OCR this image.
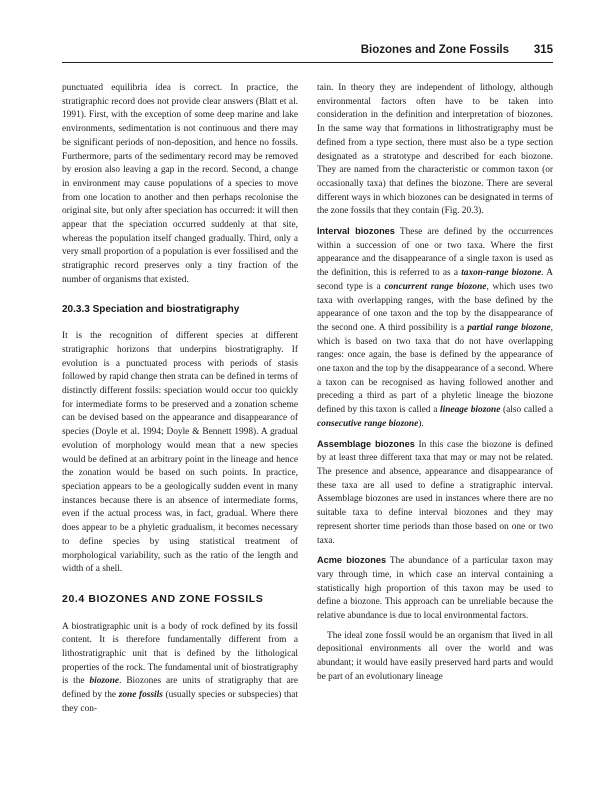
Biozones and Zone Fossils 315

punctuated equilibria idea is correct. In practice, the stratigraphic record does not provide clear answers (Blatt et al. 1991). First, with the exception of some deep marine and lake environments, sedimentation is not continuous and there may be significant periods of non-deposition, and hence no fossils. Furthermore, parts of the sedimentary record may be removed by erosion also leaving a gap in the record. Second, a change in environment may cause populations of a species to move from one location to another and then perhaps recolonise the original site, but only after speciation has occurred: it will then appear that the speciation occurred suddenly at that site, whereas the population itself changed gradually. Third, only a very small proportion of a population is ever fossilised and the stratigraphic record preserves only a tiny fraction of the number of organisms that existed.

20.3.3 Speciation and biostratigraphy

It is the recognition of different species at different stratigraphic horizons that underpins biostratigraphy. If evolution is a punctuated process with periods of stasis followed by rapid change then strata can be defined in terms of distinctly different fossils: speciation would occur too quickly for intermediate forms to be preserved and a zonation scheme can be devised based on the appearance and disappearance of species (Doyle et al. 1994; Doyle & Bennett 1998). A gradual evolution of morphology would mean that a new species would be defined at an arbitrary point in the lineage and hence the zonation would be based on such points. In practice, speciation appears to be a geologically sudden event in many instances because there is an absence of intermediate forms, even if the actual process was, in fact, gradual. Where there does appear to be a phyletic gradualism, it becomes necessary to define species by using statistical treatment of morphological variability, such as the ratio of the length and width of a shell.

20.4 BIOZONES AND ZONE FOSSILS

A biostratigraphic unit is a body of rock defined by its fossil content. It is therefore fundamentally different from a lithostratigraphic unit that is defined by the lithological properties of the rock. The fundamental unit of biostratigraphy is the biozone. Biozones are units of stratigraphy that are defined by the zone fossils (usually species or subspecies) that they con-

tain. In theory they are independent of lithology, although environmental factors often have to be taken into consideration in the definition and interpretation of biozones. In the same way that formations in lithostratigraphy must be defined from a type section, there must also be a type section designated as a stratotype and described for each biozone. They are named from the characteristic or common taxon (or occasionally taxa) that defines the biozone. There are several different ways in which biozones can be designated in terms of the zone fossils that they contain (Fig. 20.3).

Interval biozones These are defined by the occurrences within a succession of one or two taxa. Where the first appearance and the disappearance of a single taxon is used as the definition, this is referred to as a taxon-range biozone. A second type is a concurrent range biozone, which uses two taxa with overlapping ranges, with the base defined by the appearance of one taxon and the top by the disappearance of the second one. A third possibility is a partial range biozone, which is based on two taxa that do not have overlapping ranges: once again, the base is defined by the appearance of one taxon and the top by the disappearance of a second. Where a taxon can be recognised as having followed another and preceding a third as part of a phyletic lineage the biozone defined by this taxon is called a lineage biozone (also called a consecutive range biozone).

Assemblage biozones In this case the biozone is defined by at least three different taxa that may or may not be related. The presence and absence, appearance and disappearance of these taxa are all used to define a stratigraphic interval. Assemblage biozones are used in instances where there are no suitable taxa to define interval biozones and they may represent shorter time periods than those based on one or two taxa.

Acme biozones The abundance of a particular taxon may vary through time, in which case an interval containing a statistically high proportion of this taxon may be used to define a biozone. This approach can be unreliable because the relative abundance is due to local environmental factors.

The ideal zone fossil would be an organism that lived in all depositional environments all over the world and was abundant; it would have easily preserved hard parts and would be part of an evolutionary lineage
